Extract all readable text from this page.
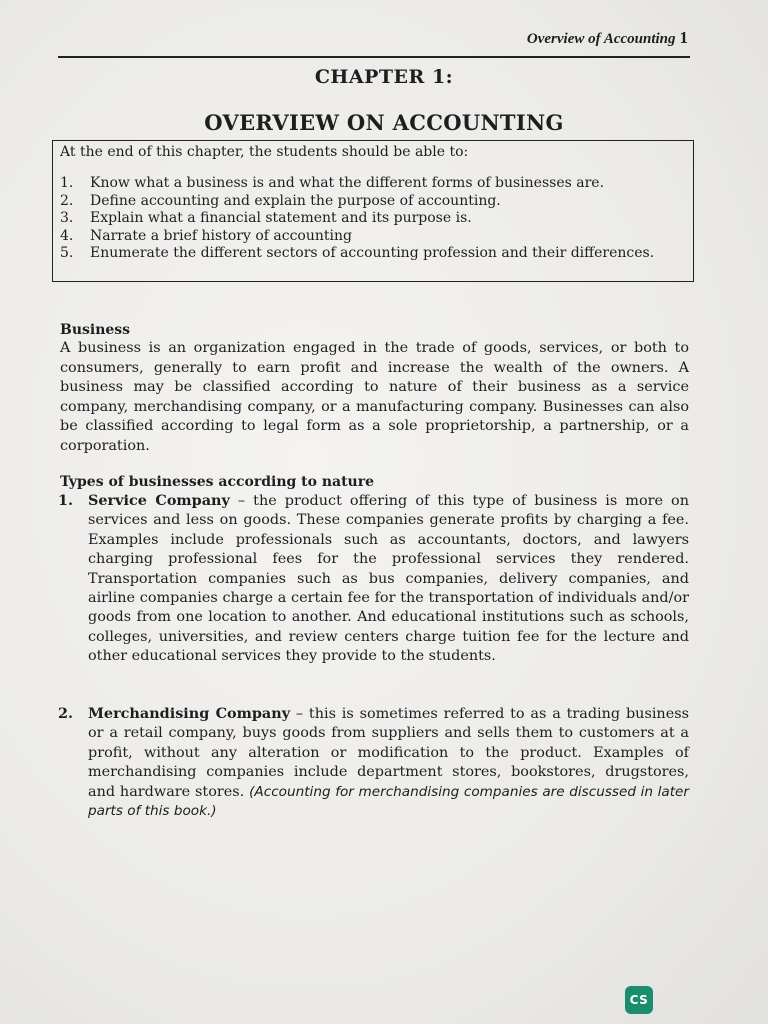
Overview of Accounting 1
CHAPTER 1:
OVERVIEW ON ACCOUNTING

At the end of this chapter, the students should be able to:

1.	Know what a business is and what the different forms of businesses are.
2.	Define accounting and explain the purpose of accounting.
3.	Explain what a financial statement and its purpose is.
4.	Narrate a brief history of accounting
5.	Enumerate the different sectors of accounting profession and their differences.
Business

A business is an organization engaged in the trade of goods, services, or both to consumers, generally to earn profit and increase the wealth of the owners. A business may be classified according to nature of their business as a service company, merchandising company, or a manufacturing company. Businesses can also be classified according to legal form as a sole proprietorship, a partnership, or a corporation.

Types of businesses according to nature
1.	Service Company – the product offering of this type of business is more on services and less on goods. These companies generate profits by charging a fee. Examples include professionals such as accountants, doctors, and lawyers charging professional fees for the professional services they rendered. Transportation companies such as bus companies, delivery companies, and airline companies charge a certain fee for the transportation of individuals and/or goods from one location to another. And educational institutions such as schools, colleges, universities, and review centers charge tuition fee for the lecture and other educational services they provide to the students.
2.	Merchandising Company – this is sometimes referred to as a trading business or a retail company, buys goods from suppliers and sells them to customers at a profit, without any alteration or modification to the product. Examples of merchandising companies include department stores, bookstores, drugstores, and hardware stores. (Accounting for merchandising companies are discussed in later parts of this book.)
CS
